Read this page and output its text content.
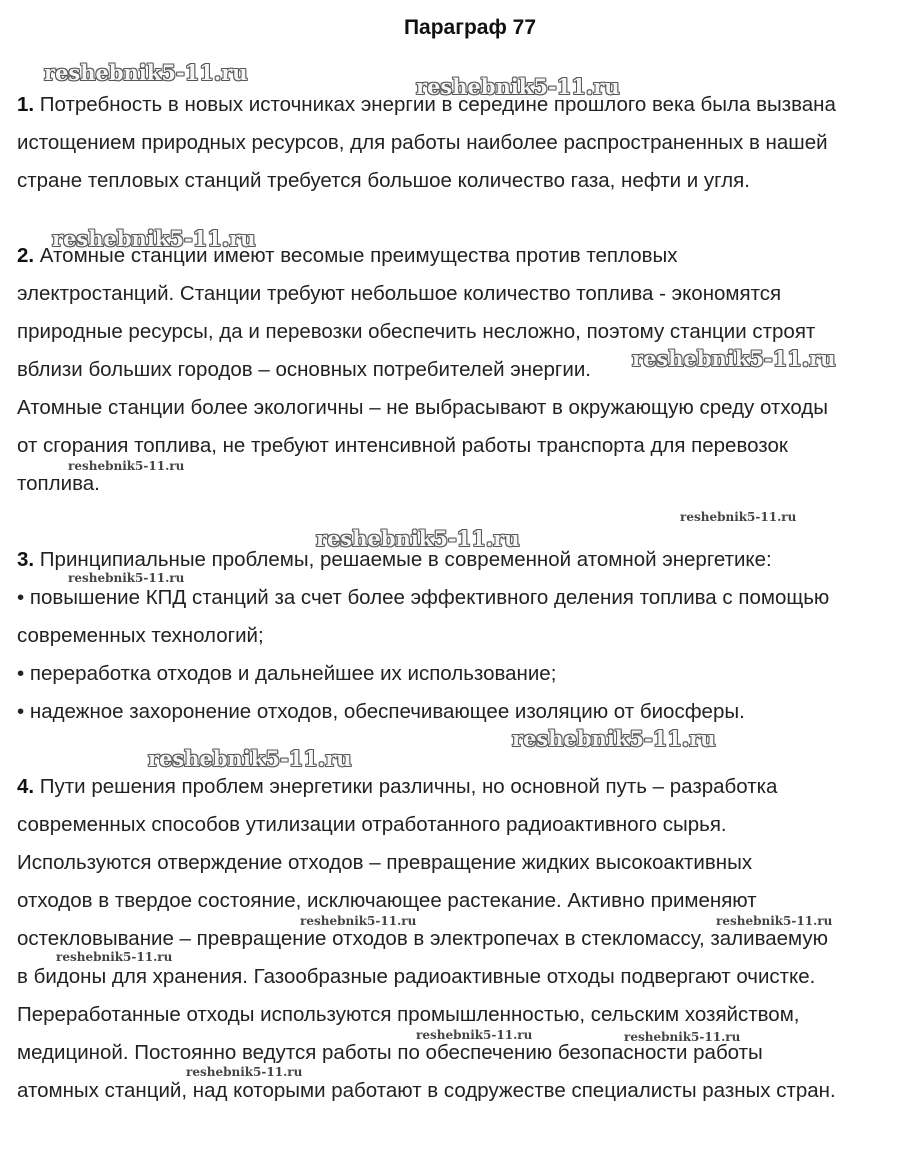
Параграф 77

1. Потребность в новых источниках энергии в середине прошлого века была вызвана
истощением природных ресурсов, для работы наиболее распространенных в нашей
стране тепловых станций требуется большое количество газа, нефти и угля.

2. Атомные станции имеют весомые преимущества против тепловых
электростанций. Станции требуют небольшое количество топлива - экономятся
природные ресурсы, да и перевозки обеспечить несложно, поэтому станции строят
вблизи больших городов – основных потребителей энергии.
Атомные станции более экологичны – не выбрасывают в окружающую среду отходы
от сгорания топлива, не требуют интенсивной работы транспорта для перевозок
топлива.

3. Принципиальные проблемы, решаемые в современной атомной энергетике:
• повышение КПД станций за счет более эффективного деления топлива с помощью
современных технологий;
• переработка отходов и дальнейшее их использование;
• надежное захоронение отходов, обеспечивающее изоляцию от биосферы.

4. Пути решения проблем энергетики различны, но основной путь – разработка
современных способов утилизации отработанного радиоактивного сырья.
Используются отверждение отходов – превращение жидких высокоактивных
отходов в твердое состояние, исключающее растекание. Активно применяют
остекловывание – превращение отходов в электропечах в стекломассу, заливаемую
в бидоны для хранения. Газообразные радиоактивные отходы подвергают очистке.
Переработанные отходы используются промышленностью, сельским хозяйством,
медициной. Постоянно ведутся работы по обеспечению безопасности работы
атомных станций, над которыми работают в содружестве специалисты разных стран.

reshebnik5-11.ru
reshebnik5-11.ru
reshebnik5-11.ru
reshebnik5-11.ru
reshebnik5-11.ru
reshebnik5-11.ru
reshebnik5-11.ru
reshebnik5-11.ru
reshebnik5-11.ru
reshebnik5-11.ru
reshebnik5-11.ru	reshebnik5-11.ru
reshebnik5-11.ru
reshebnik5-11.ru	reshebnik5-11.ru
reshebnik5-11.ru
